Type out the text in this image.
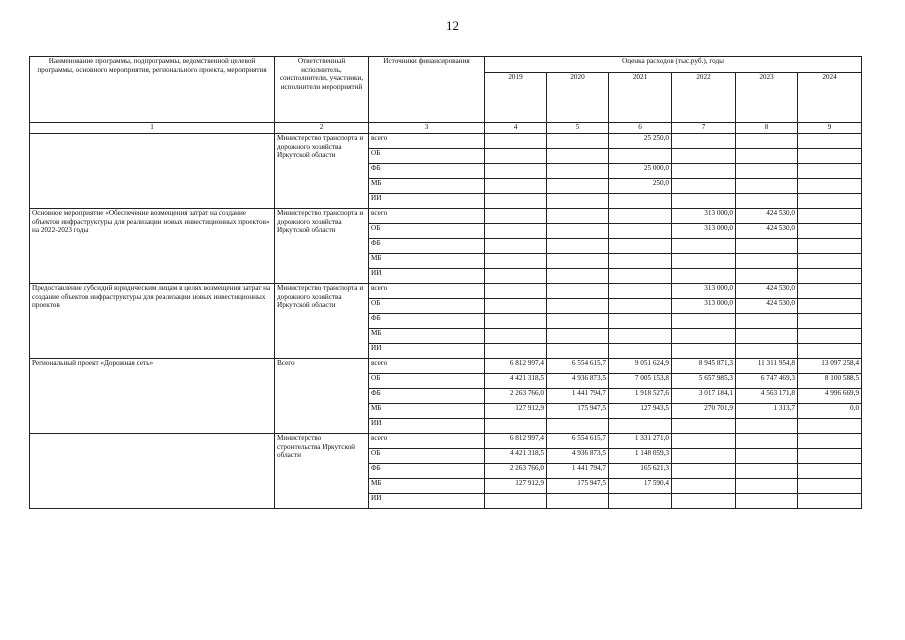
12
Наименование программы, подпрограммы, ведомственной целевой программы, основного мероприятия, регионального проекта, мероприятия	Ответственный исполнитель, соисполнители, участники, исполнители мероприятий	Источники финансирования	Оценка расходов (тыс.руб.), годы					
			2019	2020	2021	2022	2023	2024
1	2	3	4	5	6	7	8	9
	Министерство транспорта и дорожного хозяйства Иркутской области	всего			25 250,0			
		ОБ						
		ФБ			25 000,0			
		МБ			250,0			
		ИИ						
Основное мероприятие «Обеспечение возмещения затрат на создание объектов инфраструктуры для реализации новых инвестиционных проектов» на 2022-2023 годы	Министерство транспорта и дорожного хозяйства Иркутской области	всего				313 000,0	424 530,0	
		ОБ				313 000,0	424 530,0	
		ФБ						
		МБ						
		ИИ						
Предоставление субсидий юридическим лицам в целях возмещения затрат на создание объектов инфраструктуры для реализации новых инвестиционных проектов	Министерство транспорта и дорожного хозяйства Иркутской области	всего				313 000,0	424 530,0	
		ОБ				313 000,0	424 530,0	
		ФБ						
		МБ						
		ИИ						
Региональный проект «Дорожная сеть»	Всего	всего	6 812 997,4	6 554 615,7	9 051 624,9	8 945 871,3	11 311 954,8	13 097 258,4
		ОБ	4 421 318,5	4 936 873,5	7 005 153,8	5 657 985,3	6 747 469,3	8 100 588,5
		ФБ	2 263 766,0	1 441 794,7	1 918 527,6	3 017 184,1	4 563 171,8	4 996 669,9
		МБ	127 912,9	175 947,5	127 943,5	270 701,9	1 313,7	0,0
		ИИ						
	Министерство строительства Иркутской области	всего	6 812 997,4	6 554 615,7	1 331 271,0			
		ОБ	4 421 318,5	4 936 873,5	1 148 059,3			
		ФБ	2 263 766,0	1 441 794,7	165 621,3			
		МБ	127 912,9	175 947,5	17 590,4			
		ИИ						
